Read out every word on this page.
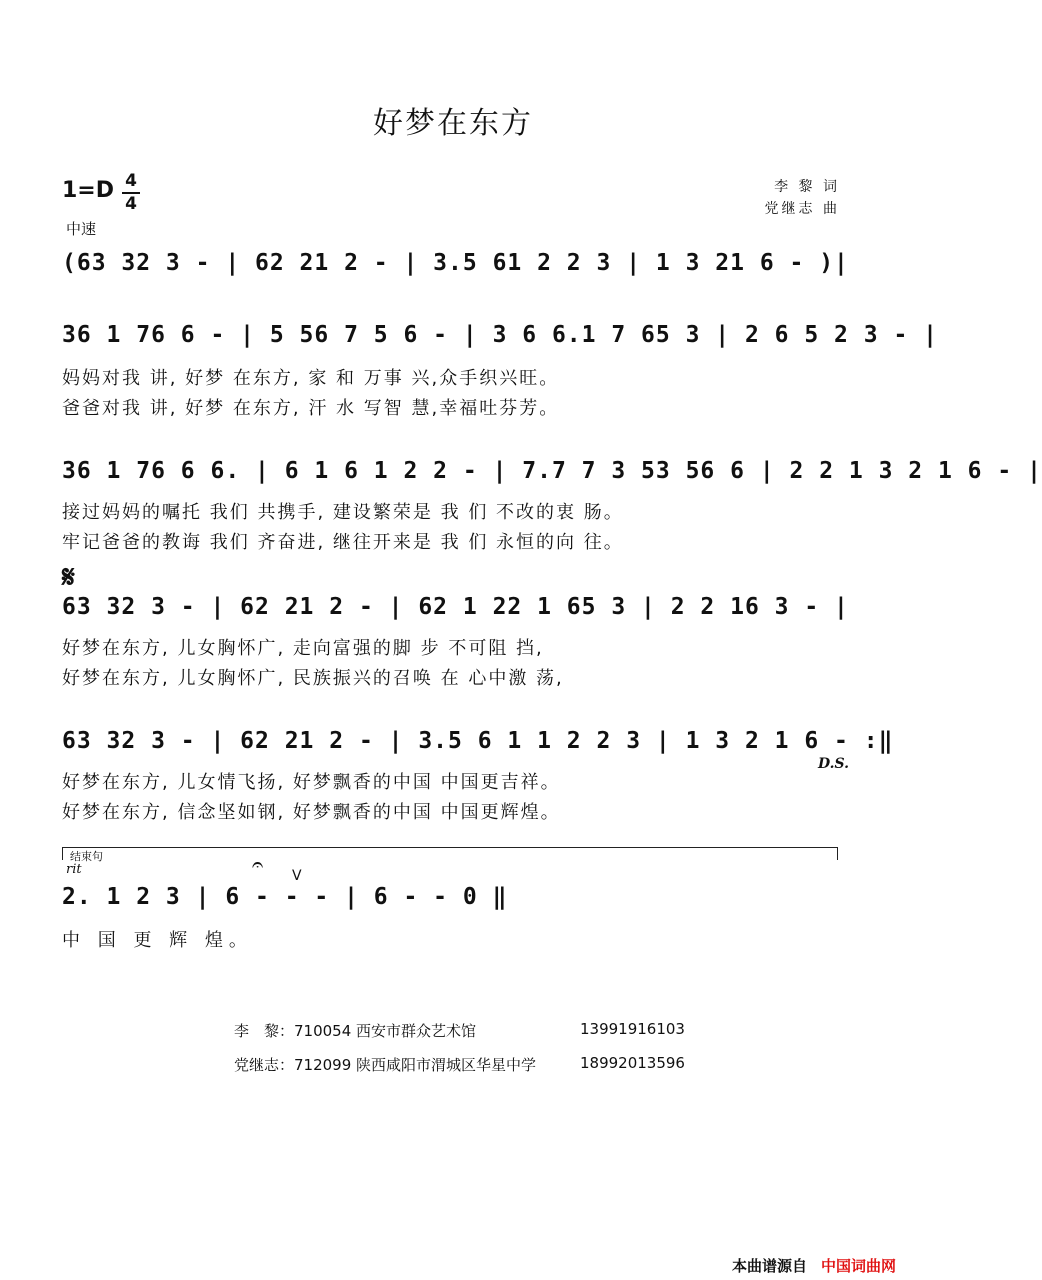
好梦在东方
1=D 4
4
李 黎 词
党继志 曲
中速
(63 32 3 - | 62 21 2 - | 3.5 61 2 2 3 | 1 3 21 6 - )|
36 1 76 6 - | 5 56 7 5 6 - | 3 6 6.1 7 65 3 | 2 6 5 2 3 - |
妈妈对我 讲, 好梦 在东方, 家 和 万事 兴,众手织兴旺。
爸爸对我 讲, 好梦 在东方, 汗 水 写智 慧,幸福吐芬芳。
36 1 76 6 6. | 6 1 6 1 2 2 - | 7.7 7 3 53 56 6 | 2 2 1 3 2 1 6 - |
接过妈妈的嘱托 我们 共携手, 建设繁荣是 我 们 不改的衷 肠。
牢记爸爸的教诲 我们 齐奋进, 继往开来是 我 们 永恒的向 往。
𝄋
63 32 3 - | 62 21 2 - | 62 1 22 1 65 3 | 2 2 16 3 - |
好梦在东方, 儿女胸怀广, 走向富强的脚 步 不可阻 挡,
好梦在东方, 儿女胸怀广, 民族振兴的召唤 在 心中激 荡,
63 32 3 - | 62 21 2 - | 3.5 6 1 1 2 2 3 | 1 3 2 1 6 - :‖
D.S.
好梦在东方, 儿女情飞扬, 好梦飘香的中国 中国更吉祥。
好梦在东方, 信念坚如钢, 好梦飘香的中国 中国更辉煌。
结束句
rit	𝄐 V
2. 1 2 3 | 6 - - - | 6 - - 0 ‖
中 国 更 辉 煌。
李　黎：710054 西安市群众艺术馆	13991916103
党继志：712099 陕西咸阳市渭城区华星中学	18992013596
本曲谱源自 中国词曲网
